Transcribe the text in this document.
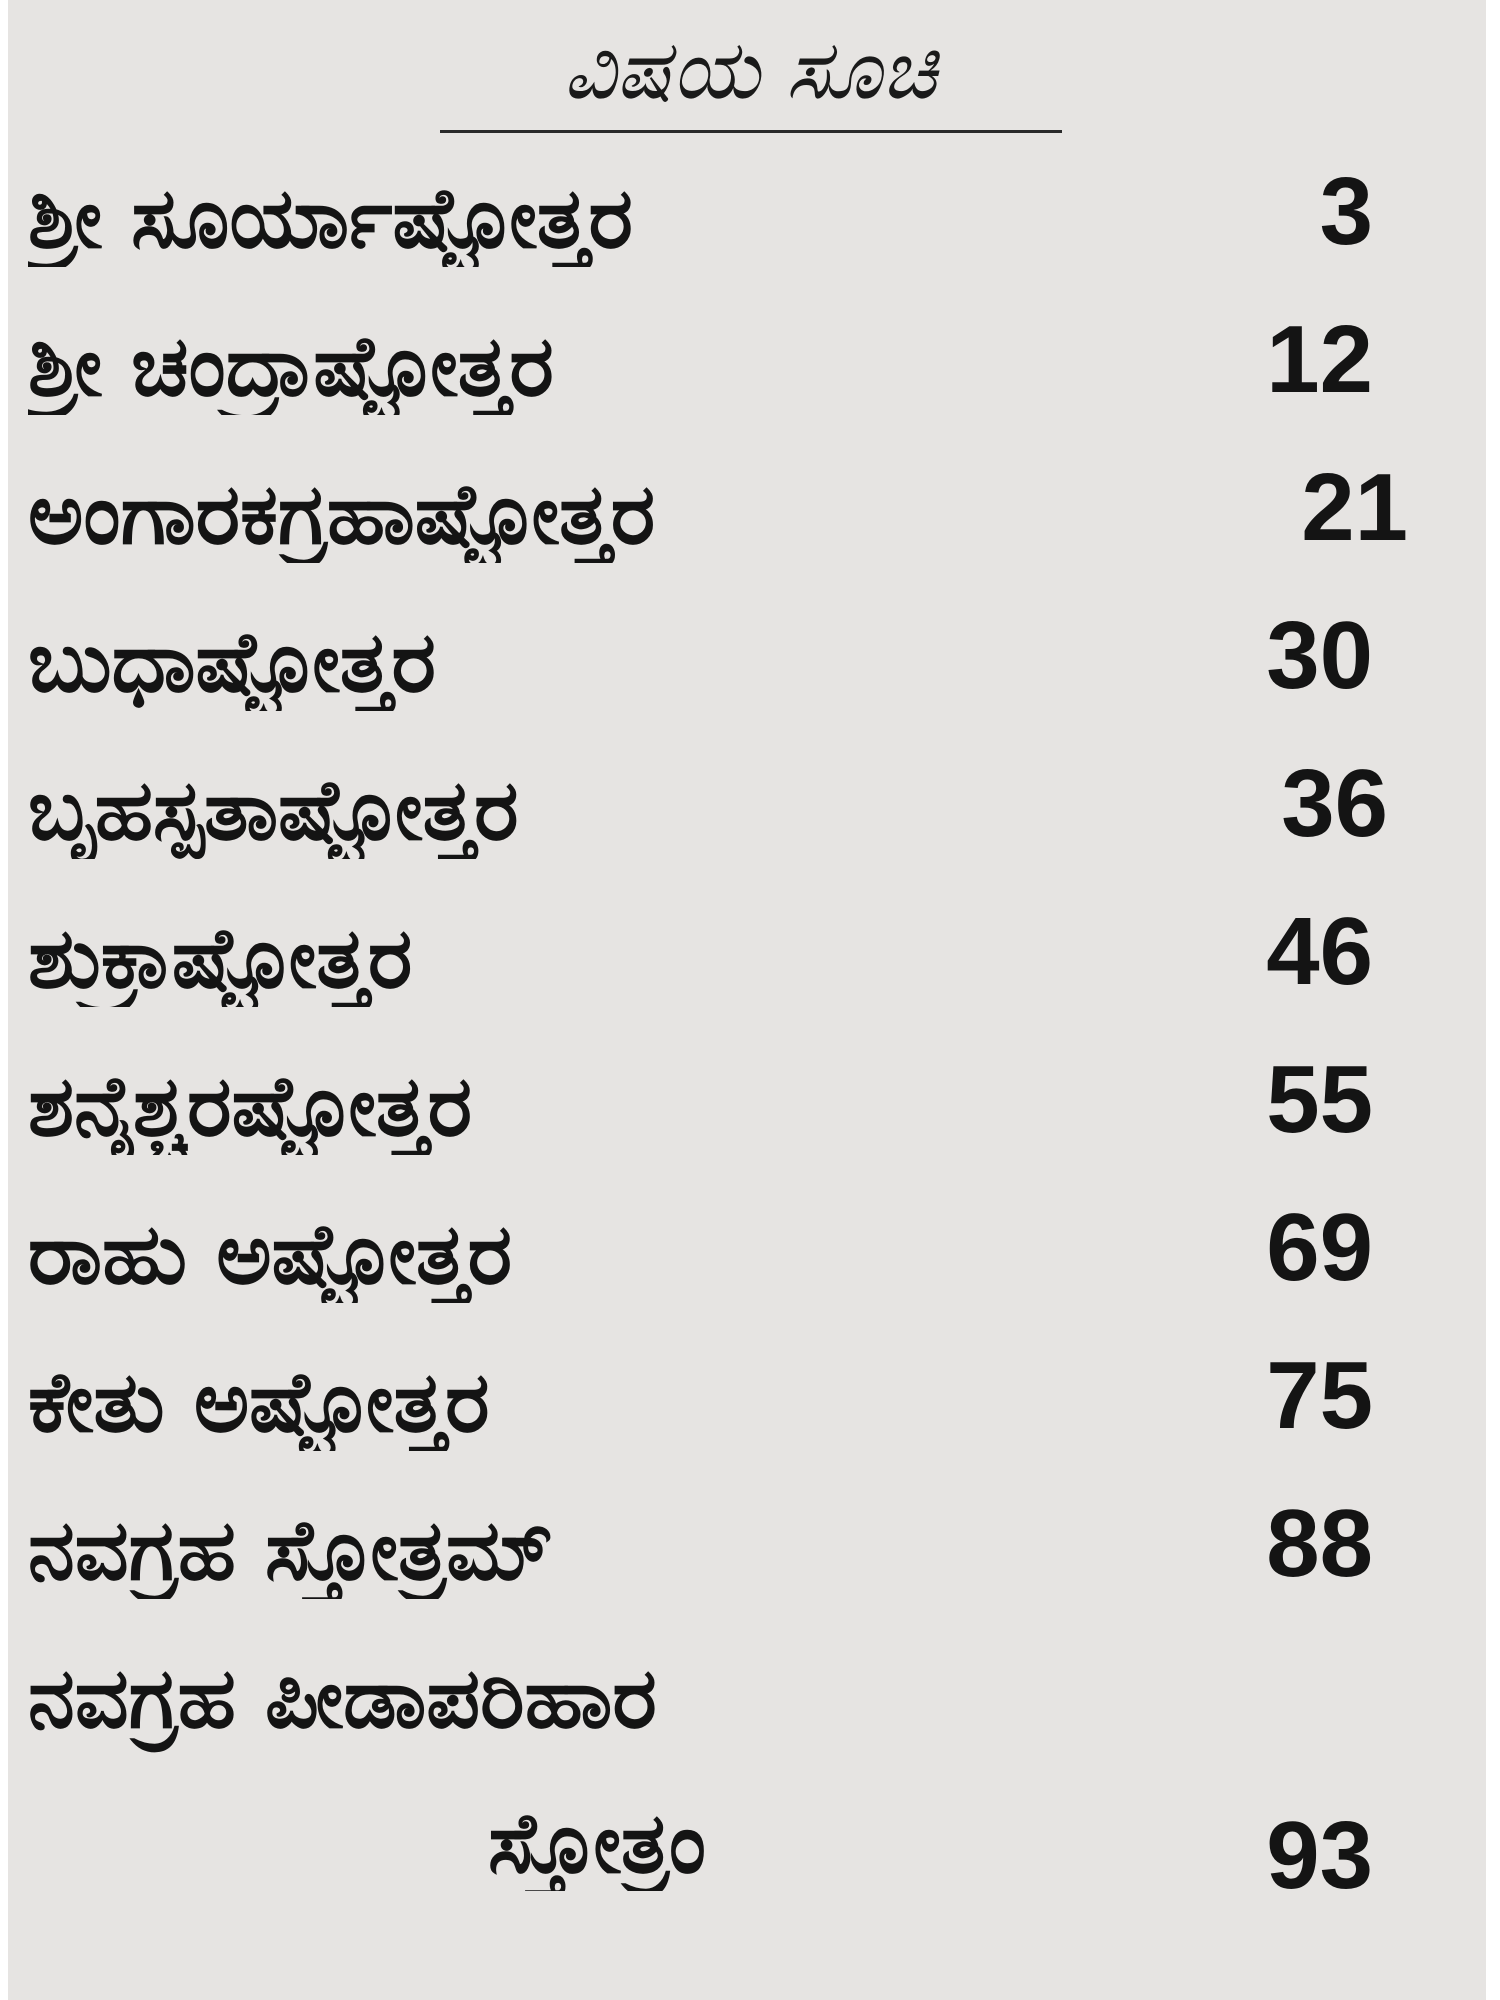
ವಿಷಯ ಸೂಚಿ
ಶ್ರೀ ಸೂರ್ಯಾಷ್ಟೋತ್ತರ	3
ಶ್ರೀ ಚಂದ್ರಾಷ್ಟೋತ್ತರ	12
ಅಂಗಾರಕಗ್ರಹಾಷ್ಟೋತ್ತರ	21
ಬುಧಾಷ್ಟೋತ್ತರ	30
ಬೃಹಸ್ಪತಾಷ್ಟೋತ್ತರ	36
ಶುಕ್ರಾಷ್ಟೋತ್ತರ	46
ಶನೈಶ್ಚರಷ್ಟೋತ್ತರ	55
ರಾಹು ಅಷ್ಟೋತ್ತರ	69
ಕೇತು ಅಷ್ಟೋತ್ತರ	75
ನವಗ್ರಹ ಸ್ತೋತ್ರಮ್	88
ನವಗ್ರಹ ಪೀಡಾಪರಿಹಾರ
ಸ್ತೋತ್ರಂ	93
